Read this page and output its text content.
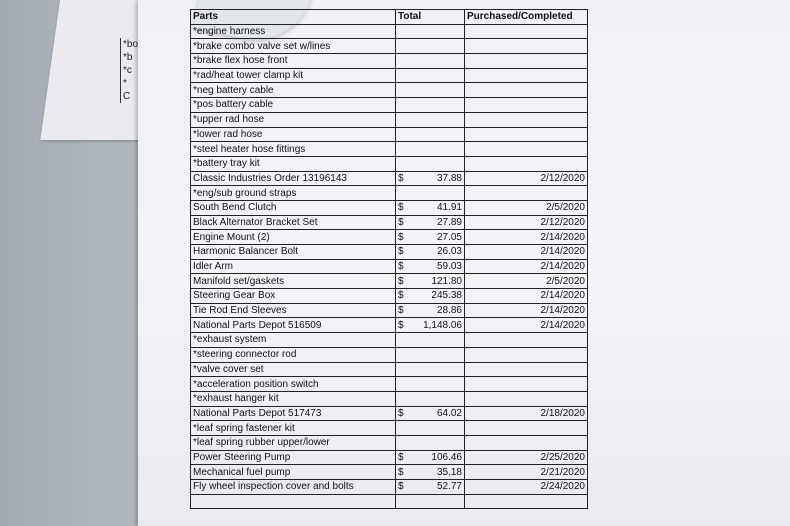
*bo
*b
*c
*
C
Parts	Total	Purchased/Completed
*engine harness	

*brake combo valve set w/lines	

*brake flex hose front	

*rad/heat tower clamp kit	

*neg battery cable	

*pos battery cable	

*upper rad hose	

*lower rad hose	

*steel heater hose fittings	

*battery tray kit	

Classic Industries Order 13196143	$ 37.88	2/12/2020
*eng/sub ground straps	

South Bend Clutch	$ 41.91	2/5/2020
Black Alternator Bracket Set	$ 27.89	2/12/2020
Engine Mount (2)	$ 27.05	2/14/2020
Harmonic Balancer Bolt	$ 26.03	2/14/2020
Idler Arm	$ 59.03	2/14/2020
Manifold set/gaskets	$ 121.80	2/5/2020
Steering Gear Box	$ 245.38	2/14/2020
Tie Rod End Sleeves	$ 28.86	2/14/2020
National Parts Depot 516509	$ 1,148.06	2/14/2020
*exhaust system	

*steering connector rod	

*valve cover set	

*acceleration position switch	

*exhaust hanger kit	

National Parts Depot 517473	$ 64.02	2/18/2020
*leaf spring fastener kit	

*leaf spring rubber upper/lower	

Power Steering Pump	$ 106.46	2/25/2020
Mechanical fuel pump	$ 35.18	2/21/2020
Fly wheel inspection cover and bolts	$ 52.77	2/24/2020
